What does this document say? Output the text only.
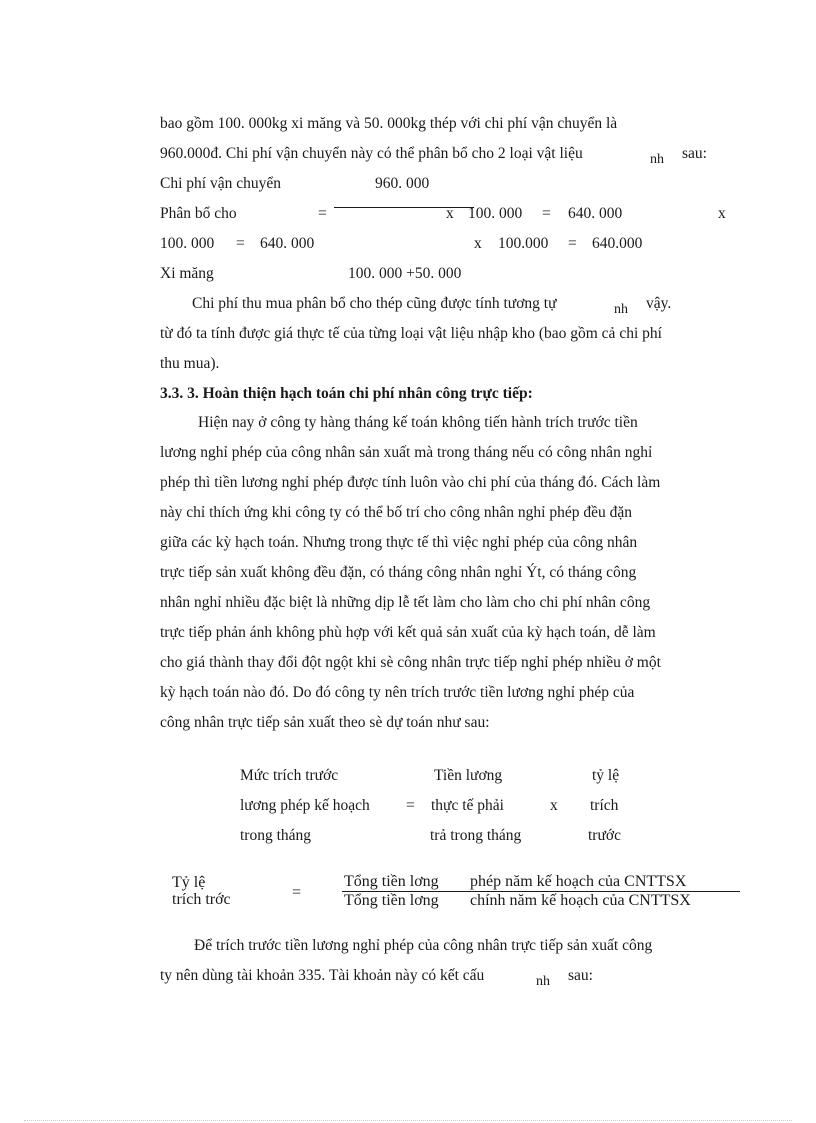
bao gồm 100. 000kg xi măng và 50. 000kg thép với chi phí vận chuyển là
960.000đ. Chi phí vận chuyển này có thể phân bổ cho 2 loại vật liệu	nh sau:
Chi phí vận chuyển	960. 000
Phân bổ cho	=	x 100. 000 = 640. 000	x
100. 000 = 640. 000	x 100.000 = 640.000
Xi măng	100. 000 +50. 000
Chi phí thu mua phân bổ cho thép cũng được tính tương tự	nh vậy.
từ đó ta tính được giá thực tế của từng loại vật liệu nhập kho (bao gồm cả chi phí
thu mua).
3.3. 3. Hoàn thiện hạch toán chi phí nhân công trực tiếp:
Hiện nay ở công ty hàng tháng kế toán không tiến hành trích trước tiền
lương nghỉ phép của công nhân sản xuất mà trong tháng nếu có công nhân nghỉ
phép thì tiền lương nghỉ phép được tính luôn vào chi phí của tháng đó. Cách làm
này chỉ thích ứng khi công ty có thể bố trí cho công nhân nghỉ phép đều đặn
giữa các kỳ hạch toán. Nhưng trong thực tế thì việc nghỉ phép của công nhân
trực tiếp sản xuất không đều đặn, có tháng công nhân nghỉ Ýt, có tháng công
nhân nghỉ nhiều đặc biệt là những dịp lễ tết làm cho làm cho chi phí nhân công
trực tiếp phản ánh không phù hợp với kết quả sản xuất của kỳ hạch toán, dễ làm
cho giá thành thay đổi đột ngột khi sè công nhân trực tiếp nghỉ phép nhiều ở một
kỳ hạch toán nào đó. Do đó công ty nên trích trước tiền lương nghỉ phép của
công nhân trực tiếp sản xuất theo sè dự toán như sau:
Mức trích trước
lương phép kế hoạch
trong tháng
=
Tiền lương
thực tế phải
trả trong tháng
x
tỷ lệ
trích
trước
Tỷ lệ
trích trớc	=
Tổng tiền lơng phép năm kế hoạch của CNTTSX
Tổng tiền lơng chính năm kế hoạch của CNTTSX
Để trích trước tiền lương nghỉ phép của công nhân trực tiếp sản xuất công
ty nên dùng tài khoản 335. Tài khoản này có kết cấu	nh sau:
